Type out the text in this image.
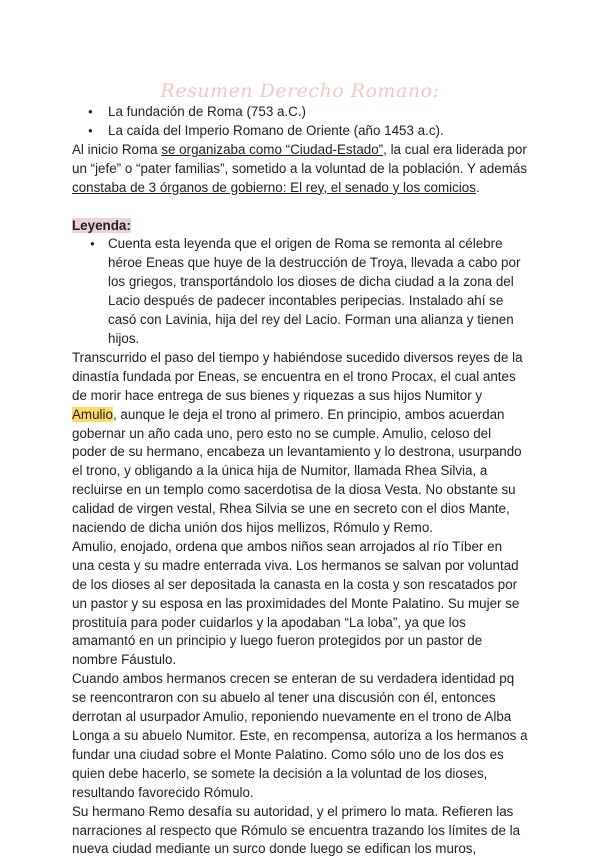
Resumen Derecho Romano:
● La fundación de Roma (753 a.C.)
● La caída del Imperio Romano de Oriente (año 1453 a.c).

Al inicio Roma se organizaba como “Ciudad-Estado”, la cual era liderada por un “jefe” o “pater familias”, sometido a la voluntad de la población. Y además constaba de 3 órganos de gobierno: El rey, el senado y los comicios.

Leyenda:

● Cuenta esta leyenda que el origen de Roma se remonta al célebre héroe Eneas que huye de la destrucción de Troya, llevada a cabo por los griegos, transportándolo los dioses de dicha ciudad a la zona del Lacio después de padecer incontables peripecias. Instalado ahí se casó con Lavinia, hija del rey del Lacio. Forman una alianza y tienen hijos.

Transcurrido el paso del tiempo y habiéndose sucedido diversos reyes de la dinastía fundada por Eneas, se encuentra en el trono Procax, el cual antes de morir hace entrega de sus bienes y riquezas a sus hijos Numitor y Amulio, aunque le deja el trono al primero. En principio, ambos acuerdan gobernar un año cada uno, pero esto no se cumple. Amulio, celoso del poder de su hermano, encabeza un levantamiento y lo destrona, usurpando el trono, y obligando a la única hija de Numitor, llamada Rhea Silvia, a recluirse en un templo como sacerdotisa de la diosa Vesta. No obstante su calidad de virgen vestal, Rhea Silvia se une en secreto con el dios Mante, naciendo de dicha unión dos hijos mellizos, Rómulo y Remo.

Amulio, enojado, ordena que ambos niños sean arrojados al río Tíber en una cesta y su madre enterrada viva. Los hermanos se salvan por voluntad de los dioses al ser depositada la canasta en la costa y son rescatados por un pastor y su esposa en las proximidades del Monte Palatino. Su mujer se prostituía para poder cuidarlos y la apodaban “La loba”, ya que los amamantó en un principio y luego fueron protegidos por un pastor de nombre Fáustulo.

Cuando ambos hermanos crecen se enteran de su verdadera identidad pq se reencontraron con su abuelo al tener una discusión con él, entonces derrotan al usurpador Amulio, reponiendo nuevamente en el trono de Alba Longa a su abuelo Numitor. Este, en recompensa, autoriza a los hermanos a fundar una ciudad sobre el Monte Palatino. Como sólo uno de los dos es quien debe hacerlo, se somete la decisión a la voluntad de los dioses, resultando favorecido Rómulo.

Su hermano Remo desafía su autoridad, y el primero lo mata. Refieren las narraciones al respecto que Rómulo se encuentra trazando los límites de la nueva ciudad mediante un surco donde luego se edifican los muros,
